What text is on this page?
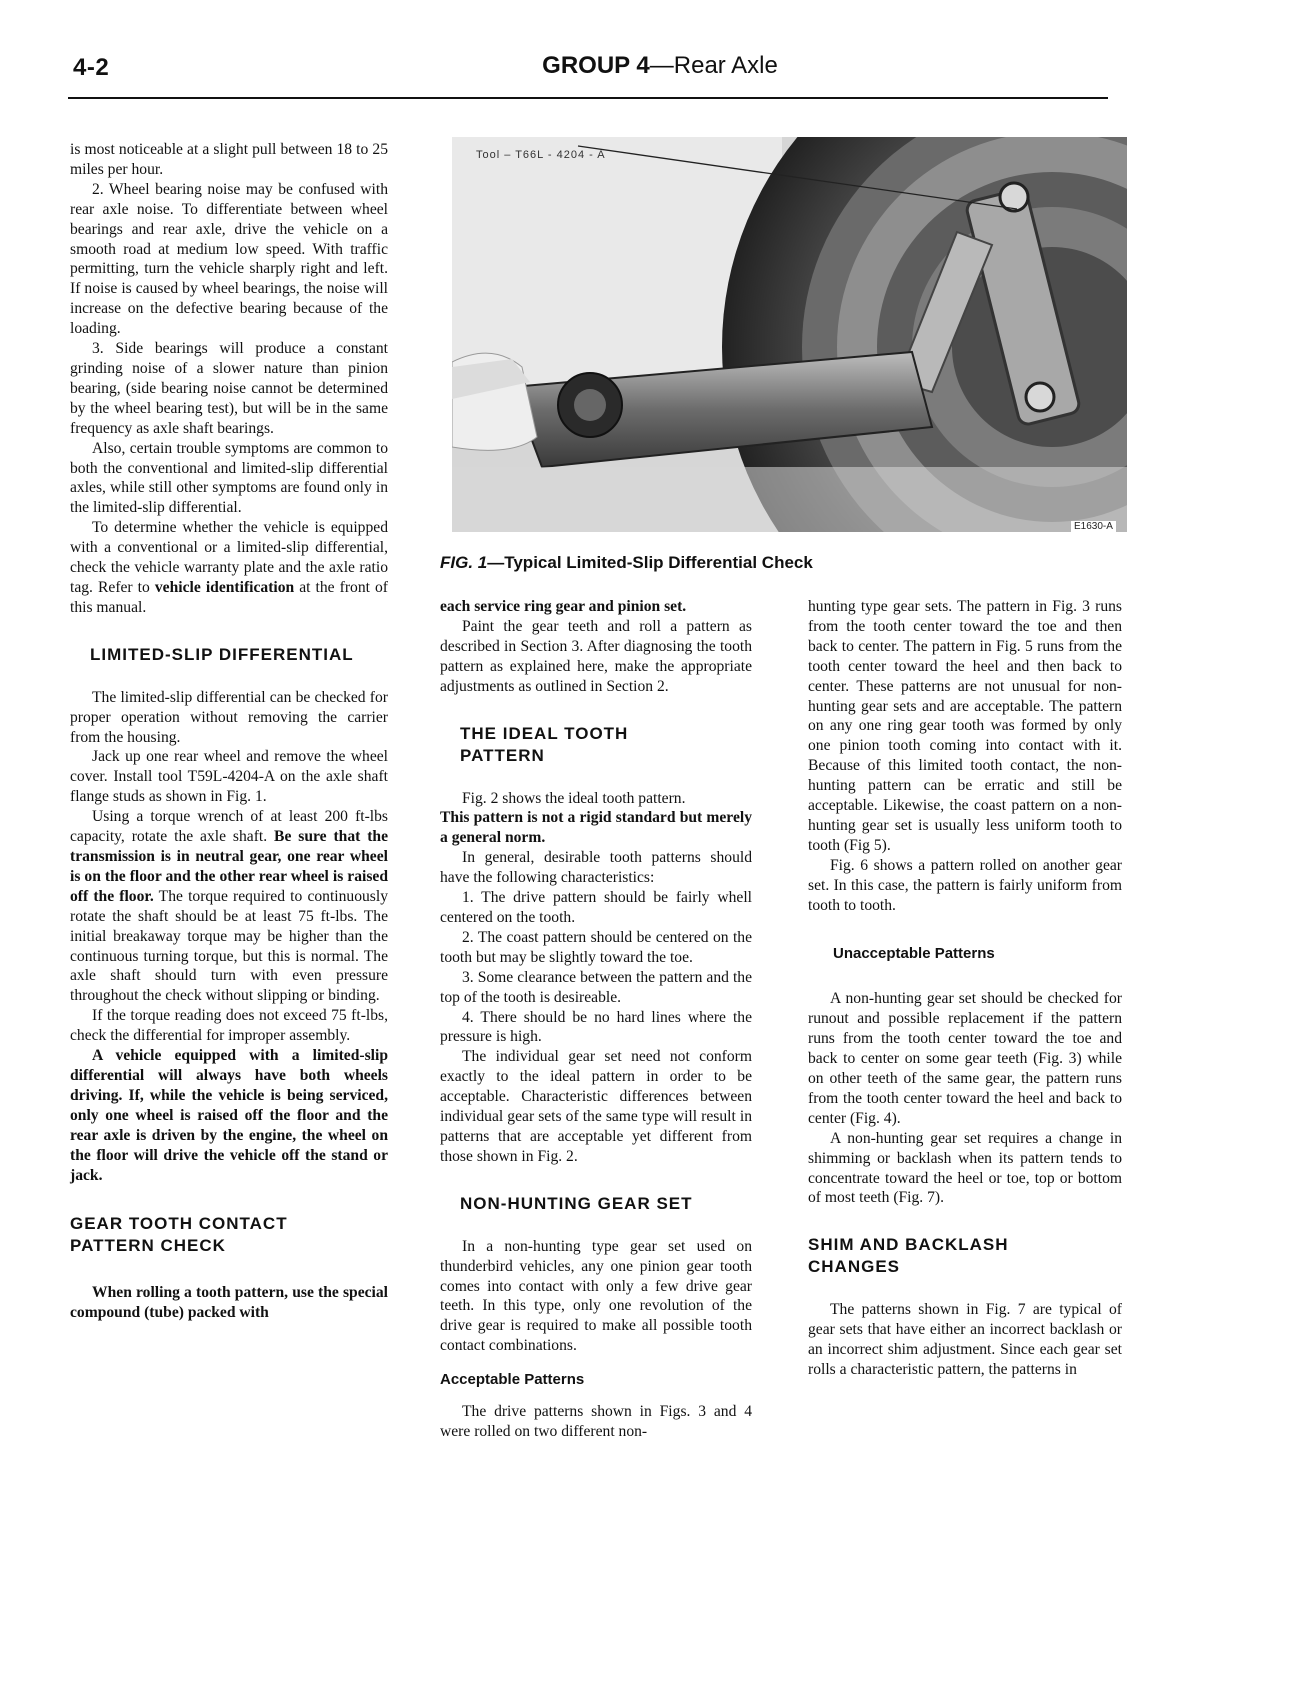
4-2	GROUP 4—Rear Axle
Tool – T66L - 4204 - A
E1630-A
FIG. 1—Typical Limited-Slip Differential Check

is most noticeable at a slight pull between 18 to 25 miles per hour.

2. Wheel bearing noise may be confused with rear axle noise. To differentiate between wheel bearings and rear axle, drive the vehicle on a smooth road at medium low speed. With traffic permitting, turn the vehicle sharply right and left. If noise is caused by wheel bearings, the noise will increase on the defective bearing because of the loading.

3. Side bearings will produce a constant grinding noise of a slower nature than pinion bearing, (side bearing noise cannot be determined by the wheel bearing test), but will be in the same frequency as axle shaft bearings.

Also, certain trouble symptoms are common to both the conventional and limited-slip differential axles, while still other symptoms are found only in the limited-slip differential.

To determine whether the vehicle is equipped with a conventional or a limited-slip differential, check the vehicle warranty plate and the axle ratio tag. Refer to vehicle identification at the front of this manual.

LIMITED-SLIP DIFFERENTIAL

The limited-slip differential can be checked for proper operation without removing the carrier from the housing.

Jack up one rear wheel and remove the wheel cover. Install tool T59L-4204-A on the axle shaft flange studs as shown in Fig. 1.

Using a torque wrench of at least 200 ft-lbs capacity, rotate the axle shaft. Be sure that the transmission is in neutral gear, one rear wheel is on the floor and the other rear wheel is raised off the floor. The torque required to continuously rotate the shaft should be at least 75 ft-lbs. The initial breakaway torque may be higher than the continuous turning torque, but this is normal. The axle shaft should turn with even pressure throughout the check without slipping or binding.

If the torque reading does not exceed 75 ft-lbs, check the differential for improper assembly.

A vehicle equipped with a limited-slip differential will always have both wheels driving. If, while the vehicle is being serviced, only one wheel is raised off the floor and the rear axle is driven by the engine, the wheel on the floor will drive the vehicle off the stand or jack.

GEAR TOOTH CONTACT PATTERN CHECK

When rolling a tooth pattern, use the special compound (tube) packed with

each service ring gear and pinion set.

Paint the gear teeth and roll a pattern as described in Section 3. After diagnosing the tooth pattern as explained here, make the appropriate adjustments as outlined in Section 2.

THE IDEAL TOOTH PATTERN

Fig. 2 shows the ideal tooth pattern.

This pattern is not a rigid standard but merely a general norm.

In general, desirable tooth patterns should have the following characteristics:

1. The drive pattern should be fairly whell centered on the tooth.

2. The coast pattern should be centered on the tooth but may be slightly toward the toe.

3. Some clearance between the pattern and the top of the tooth is desireable.

4. There should be no hard lines where the pressure is high.

The individual gear set need not conform exactly to the ideal pattern in order to be acceptable. Characteristic differences between individual gear sets of the same type will result in patterns that are acceptable yet different from those shown in Fig. 2.

NON-HUNTING GEAR SET

In a non-hunting type gear set used on thunderbird vehicles, any one pinion gear tooth comes into contact with only a few drive gear teeth. In this type, only one revolution of the drive gear is required to make all possible tooth contact combinations.

Acceptable Patterns

The drive patterns shown in Figs. 3 and 4 were rolled on two different non-

hunting type gear sets. The pattern in Fig. 3 runs from the tooth center toward the toe and then back to center. The pattern in Fig. 5 runs from the tooth center toward the heel and then back to center. These patterns are not unusual for non-hunting gear sets and are acceptable. The pattern on any one ring gear tooth was formed by only one pinion tooth coming into contact with it. Because of this limited tooth contact, the non-hunting pattern can be erratic and still be acceptable. Likewise, the coast pattern on a non-hunting gear set is usually less uniform tooth to tooth (Fig 5).

Fig. 6 shows a pattern rolled on another gear set. In this case, the pattern is fairly uniform from tooth to tooth.

Unacceptable Patterns

A non-hunting gear set should be checked for runout and possible replacement if the pattern runs from the tooth center toward the toe and back to center on some gear teeth (Fig. 3) while on other teeth of the same gear, the pattern runs from the tooth center toward the heel and back to center (Fig. 4).

A non-hunting gear set requires a change in shimming or backlash when its pattern tends to concentrate toward the heel or toe, top or bottom of most teeth (Fig. 7).

SHIM AND BACKLASH CHANGES

The patterns shown in Fig. 7 are typical of gear sets that have either an incorrect backlash or an incorrect shim adjustment. Since each gear set rolls a characteristic pattern, the patterns in
